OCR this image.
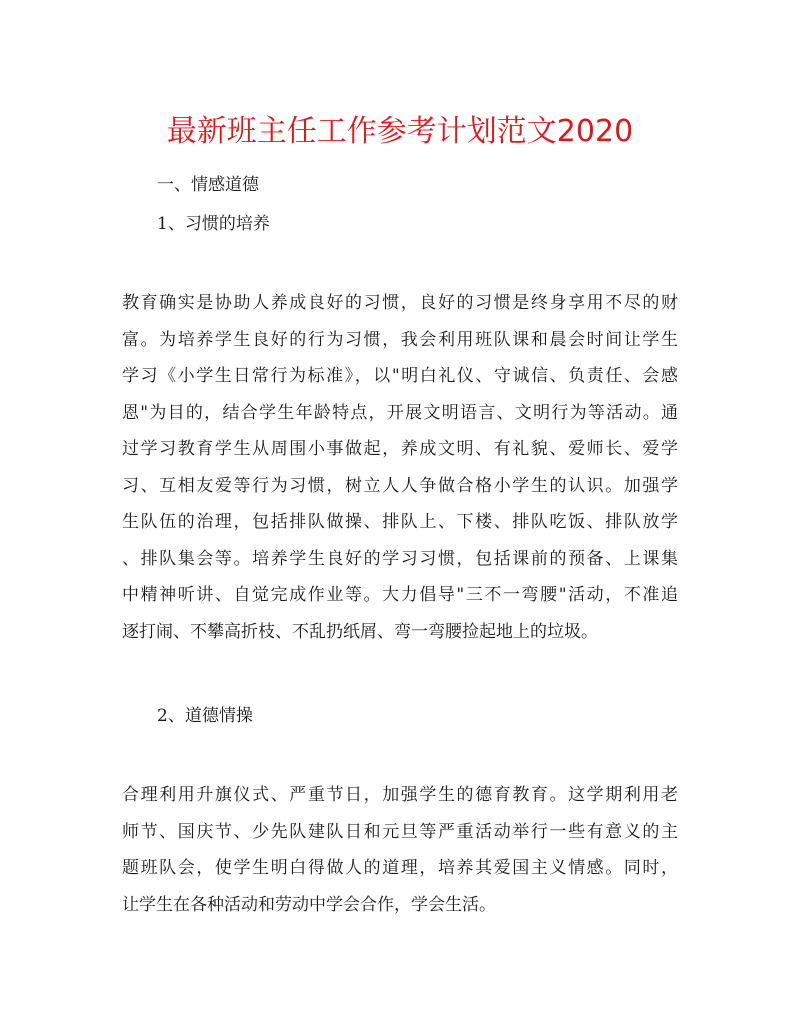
最新班主任工作参考计划范文2020

一、情感道德

1、习惯的培养

教育确实是协助人养成良好的习惯，良好的习惯是终身享用不尽的财
富。为培养学生良好的行为习惯，我会利用班队课和晨会时间让学生
学习《小学生日常行为标准》，以"明白礼仪、守诚信、负责任、会感
恩"为目的，结合学生年龄特点，开展文明语言、文明行为等活动。通
过学习教育学生从周围小事做起，养成文明、有礼貌、爱师长、爱学
习、互相友爱等行为习惯，树立人人争做合格小学生的认识。加强学
生队伍的治理，包括排队做操、排队上、下楼、排队吃饭、排队放学
、排队集会等。培养学生良好的学习习惯，包括课前的预备、上课集
中精神听讲、自觉完成作业等。大力倡导"三不一弯腰"活动，不准追
逐打闹、不攀高折枝、不乱扔纸屑、弯一弯腰捡起地上的垃圾。

2、道德情操

合理利用升旗仪式、严重节日，加强学生的德育教育。这学期利用老
师节、国庆节、少先队建队日和元旦等严重活动举行一些有意义的主
题班队会，使学生明白得做人的道理，培养其爱国主义情感。同时，
让学生在各种活动和劳动中学会合作，学会生活。
